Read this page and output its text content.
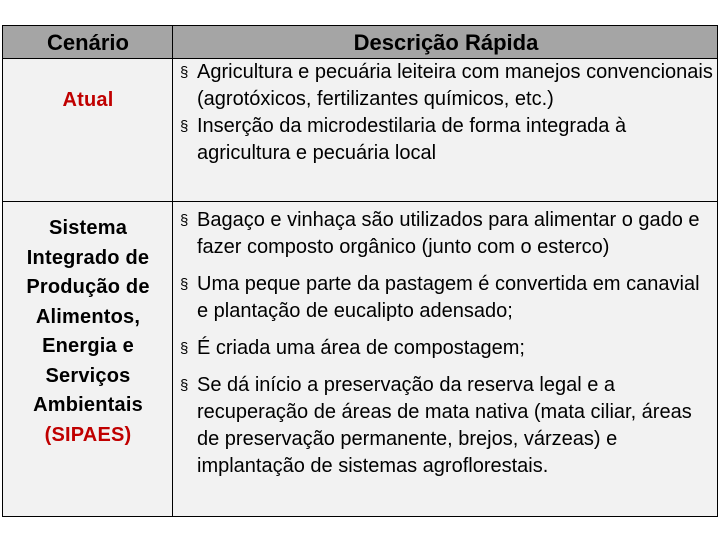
Cenário	Descrição Rápida
Atual

§ Agricultura e pecuária leiteira com manejos convencionais (agrotóxicos, fertilizantes químicos, etc.)

§ Inserção da microdestilaria de forma integrada à agricultura e pecuária local

Sistema
Integrado de
Produção de
Alimentos,
Energia e
Serviços
Ambientais
(SIPAES)

§ Bagaço e vinhaça são utilizados para alimentar o gado e fazer composto orgânico (junto com o esterco)

§ Uma peque parte da pastagem é convertida em canavial e plantação de eucalipto adensado;

§ É criada uma área de compostagem;

§ Se dá início a preservação da reserva legal e a recuperação de áreas de mata nativa (mata ciliar, áreas de preservação permanente, brejos, várzeas) e implantação de sistemas agroflorestais.
